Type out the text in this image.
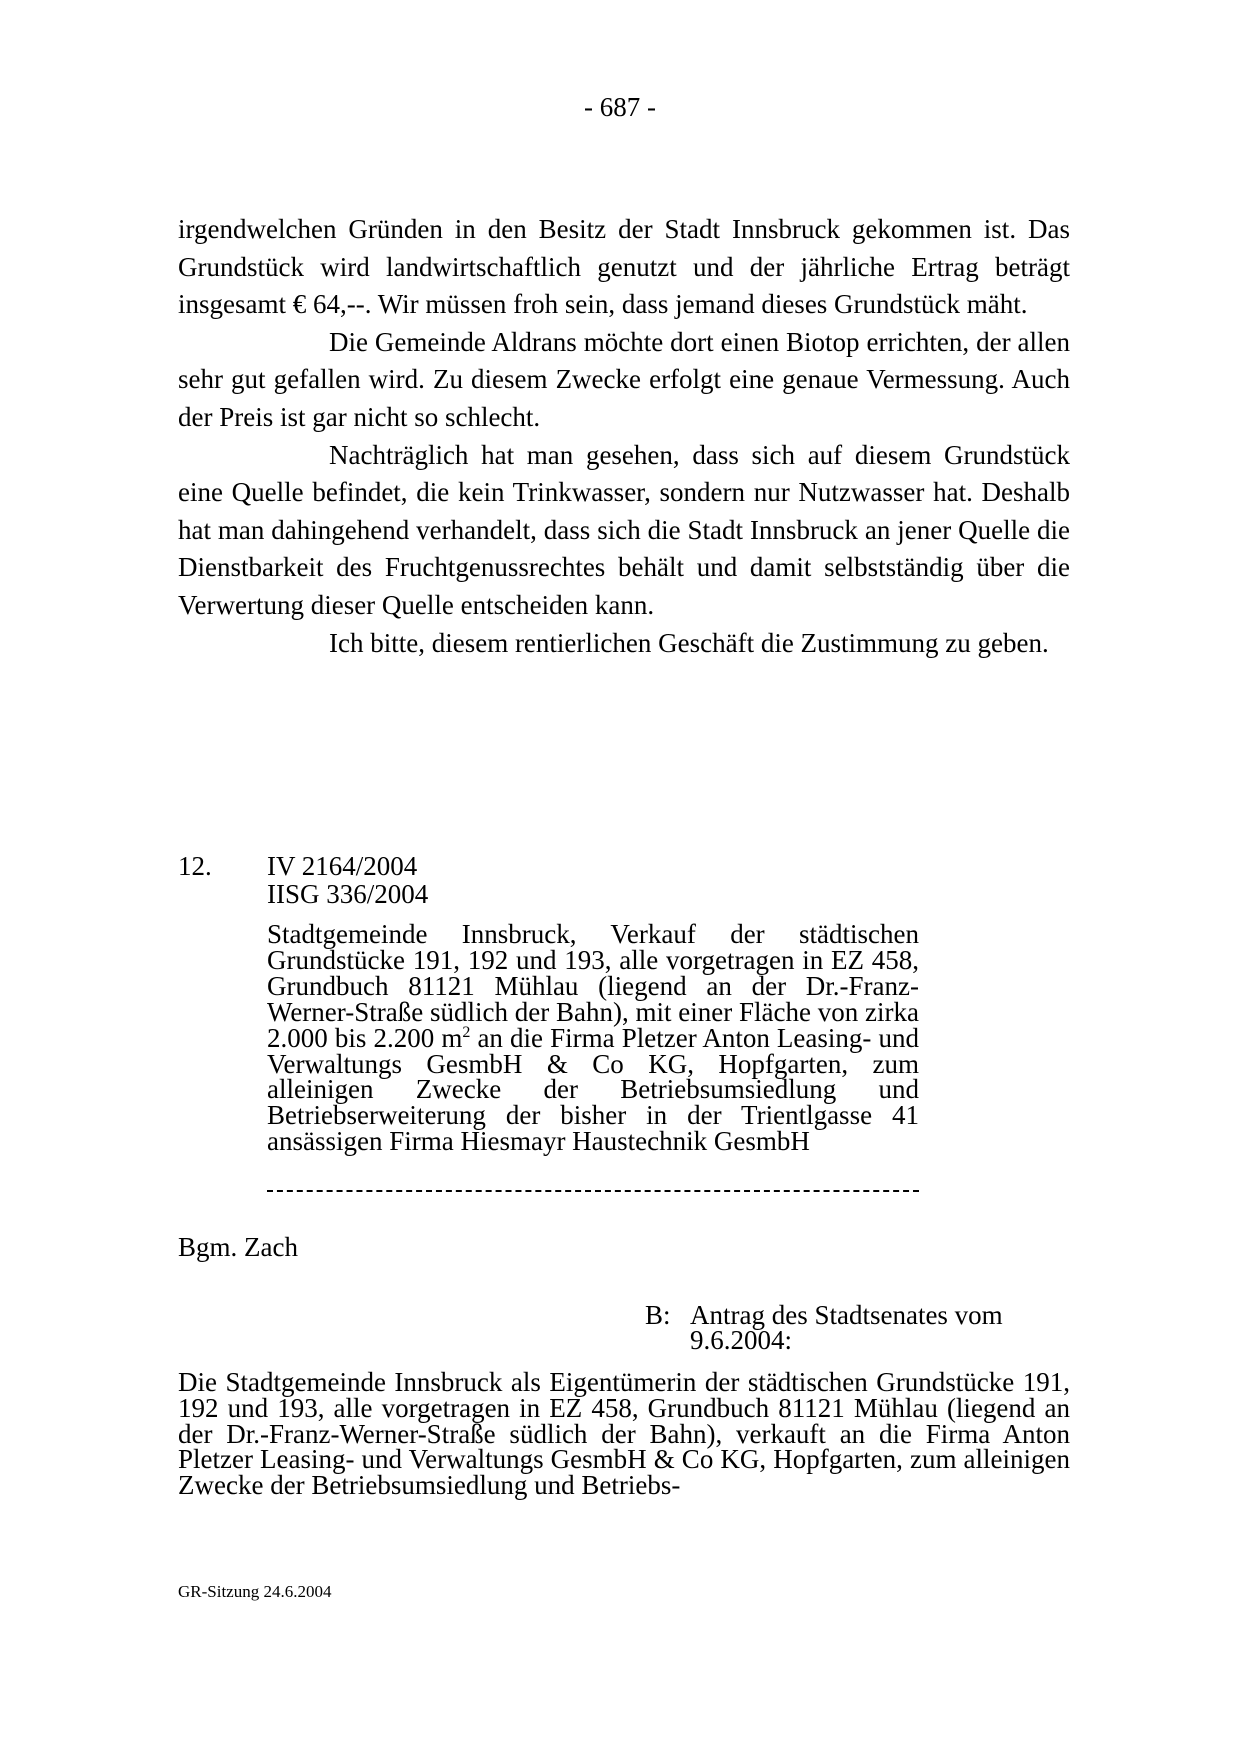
- 687 -

irgendwelchen Gründen in den Besitz der Stadt Innsbruck gekommen ist. Das Grundstück wird landwirtschaftlich genutzt und der jährliche Ertrag beträgt insgesamt € 64,--. Wir müssen froh sein, dass jemand dieses Grundstück mäht.

Die Gemeinde Aldrans möchte dort einen Biotop errichten, der allen sehr gut gefallen wird. Zu diesem Zwecke erfolgt eine genaue Vermessung. Auch der Preis ist gar nicht so schlecht.

Nachträglich hat man gesehen, dass sich auf diesem Grundstück eine Quelle befindet, die kein Trinkwasser, sondern nur Nutzwasser hat. Deshalb hat man dahingehend verhandelt, dass sich die Stadt Innsbruck an jener Quelle die Dienstbarkeit des Fruchtgenussrechtes behält und damit selbstständig über die Verwertung dieser Quelle entscheiden kann.

Ich bitte, diesem rentierlichen Geschäft die Zustimmung zu geben.

12. IV 2164/2004
IISG 336/2004

Stadtgemeinde Innsbruck, Verkauf der städtischen Grundstücke 191, 192 und 193, alle vorgetragen in EZ 458, Grundbuch 81121 Mühlau (liegend an der Dr.-Franz-Werner-Straße südlich der Bahn), mit einer Fläche von zirka 2.000 bis 2.200 $m^2$ an die Firma Pletzer Anton Leasing- und Verwaltungs GesmbH & Co KG, Hopfgarten, zum alleinigen Zwecke der Betriebsumsiedlung und Betriebserweiterung der bisher in der Trientlgasse 41 ansässigen Firma Hiesmayr Haustechnik GesmbH

Bgm. Zach
B: Antrag des Stadtsenates vom
9.6.2004:

Die Stadtgemeinde Innsbruck als Eigentümerin der städtischen Grundstücke 191, 192 und 193, alle vorgetragen in EZ 458, Grundbuch 81121 Mühlau (liegend an der Dr.-Franz-Werner-Straße südlich der Bahn), verkauft an die Firma Anton Pletzer Leasing- und Verwaltungs GesmbH & Co KG, Hopfgarten, zum alleinigen Zwecke der Betriebsumsiedlung und Betriebs-

GR-Sitzung 24.6.2004
